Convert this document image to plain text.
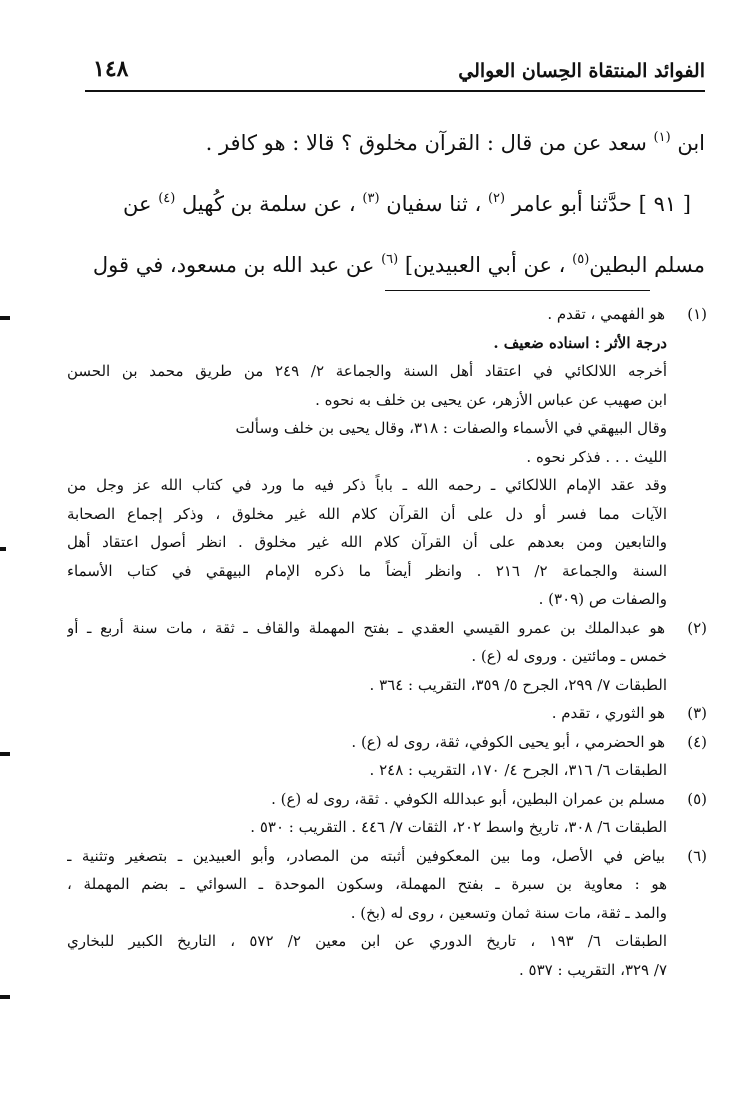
الفوائد المنتقاة الحِسان العوالي
١٤٨

ابن $^{(١)}$ سعد عن من قال : القرآن مخلوق ؟ قالا : هو كافر .

[ ٩١ ] حدَّثنا أبو عامر $^{(٢)}$ ، ثنا سفيان $^{(٣)}$ ، عن سلمة بن كُهيل $^{(٤)}$ عن

مسلم البطين$^{(٥)}$ ، عن أبي العبيدين] $^{(٦)}$ عن عبد الله بن مسعود، في قول

(١)هو الفهمي ، تقدم .
درجة الأثر : اسناده ضعيف .
أخرجه اللالكائي في اعتقاد أهل السنة والجماعة ٢/ ٢٤٩ من طريق محمد بن الحسن
ابن صهيب عن عباس الأزهر، عن يحيى بن خلف به نحوه .
وقال البيهقي في الأسماء والصفات : ٣١٨، وقال يحيى بن خلف وسألت
الليث . . . فذكر نحوه .
وقد عقد الإمام اللالكائي ـ رحمه الله ـ باباً ذكر فيه ما ورد في كتاب الله عز وجل من
الآيات مما فسر أو دل على أن القرآن كلام الله غير مخلوق ، وذكر إجماع الصحابة
والتابعين ومن بعدهم على أن القرآن كلام الله غير مخلوق . انظر أصول اعتقاد أهل
السنة والجماعة ٢/ ٢١٦ . وانظر أيضاً ما ذكره الإمام البيهقي في كتاب الأسماء
والصفات ص (٣٠٩) .
(٢)هو عبدالملك بن عمرو القيسي العقدي ـ بفتح المهملة والقاف ـ ثقة ، مات سنة أربع ـ أو
خمس ـ ومائتين . وروى له (ع) .
الطبقات ٧/ ٢٩٩، الجرح ٥/ ٣٥٩، التقريب : ٣٦٤ .
(٣)هو الثوري ، تقدم .
(٤)هو الحضرمي ، أبو يحيى الكوفي، ثقة، روى له (ع) .
الطبقات ٦/ ٣١٦، الجرح ٤/ ١٧٠، التقريب : ٢٤٨ .
(٥)مسلم بن عمران البطين، أبو عبدالله الكوفي . ثقة، روى له (ع) .
الطبقات ٦/ ٣٠٨، تاريخ واسط ٢٠٢، الثقات ٧/ ٤٤٦ . التقريب : ٥٣٠ .
(٦)بياض في الأصل، وما بين المعكوفين أثبته من المصادر، وأبو العبيدين ـ بتصغير وتثنية ـ
هو : معاوية بن سبرة ـ بفتح المهملة، وسكون الموحدة ـ السوائي ـ بضم المهملة ،
والمد ـ ثقة، مات سنة ثمان وتسعين ، روى له (بخ) .
الطبقات ٦/ ١٩٣ ، تاريخ الدوري عن ابن معين ٢/ ٥٧٢ ، التاريخ الكبير للبخاري
٧/ ٣٢٩، التقريب : ٥٣٧ .
